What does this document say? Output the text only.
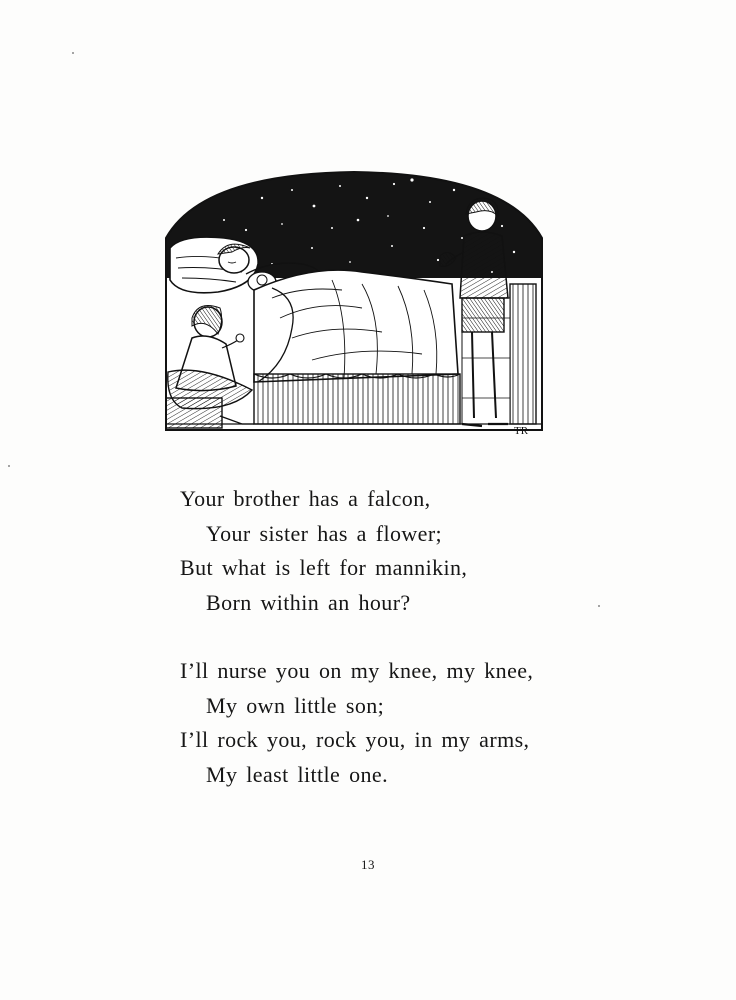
TR
Your brother has a falcon,
Your sister has a flower;
But what is left for mannikin,
Born within an hour?
I’ll nurse you on my knee, my knee,
My own little son;
I’ll rock you, rock you, in my arms,
My least little one.
13
